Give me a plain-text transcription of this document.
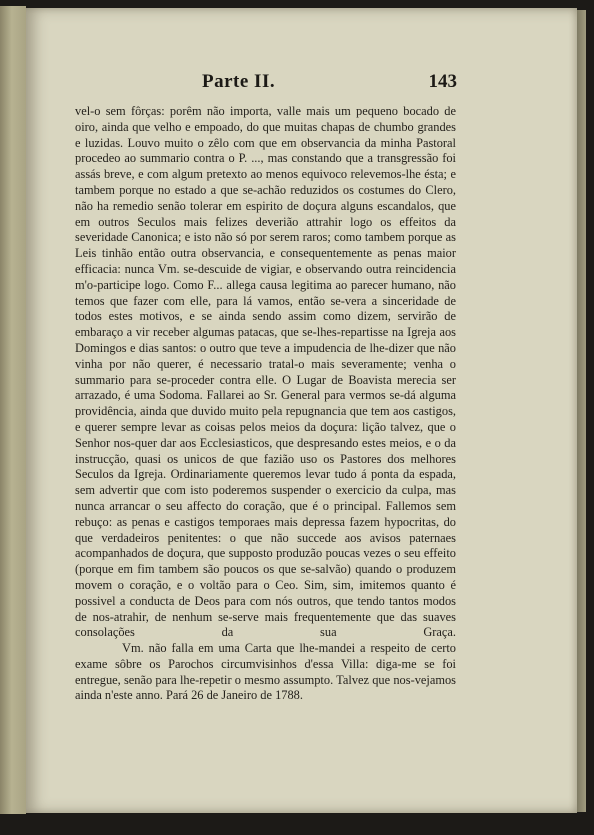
Parte II.	143

vel-o sem fôrças: porêm não importa, valle mais um pequeno bocado de oiro, ainda que velho e empoado, do que muitas chapas de chumbo grandes e luzidas. Louvo muito o zêlo com que em observancia da minha Pastoral procedeo ao summario contra o P. ..., mas constando que a transgressão foi assás breve, e com algum pretexto ao menos equivoco relevemos-lhe ésta; e tambem porque no estado a que se-achão reduzidos os costumes do Clero, não ha remedio senão tolerar em espirito de doçura alguns escandalos, que em outros Seculos mais felizes deverião attrahir logo os effeitos da severidade Canonica; e isto não só por serem raros; como tambem porque as Leis tinhão então outra observancia, e consequentemente as penas maior efficacia: nunca Vm. se-descuide de vigiar, e observando outra reincidencia m'o-participe logo. Como F... allega causa legitima ao parecer humano, não temos que fazer com elle, para lá vamos, então se-vera a sinceridade de todos estes motivos, e se ainda sendo assim como dizem, servirão de embaraço a vir receber algumas patacas, que se-lhes-repartisse na Igreja aos Domingos e dias santos: o outro que teve a impudencia de lhe-dizer que não vinha por não querer, é necessario tratal-o mais severamente; venha o summario para se-proceder contra elle. O Lugar de Boavista merecia ser arrazado, é uma Sodoma. Fallarei ao Sr. General para vermos se-dá alguma providência, ainda que duvido muito pela repugnancia que tem aos castigos, e querer sempre levar as coisas pelos meios da doçura: lição talvez, que o Senhor nos-quer dar aos Ecclesiasticos, que despresando estes meios, e o da instrucção, quasi os unicos de que fazião uso os Pastores dos melhores Seculos da Igreja. Ordinariamente queremos levar tudo á ponta da espada, sem advertir que com isto poderemos suspender o exercicio da culpa, mas nunca arrancar o seu affecto do coração, que é o principal. Fallemos sem rebuço: as penas e castigos temporaes mais depressa fazem hypocritas, do que verdadeiros penitentes: o que não succede aos avisos paternaes acompanhados de doçura, que supposto produzão poucas vezes o seu effeito (porque em fim tambem são poucos os que se-salvão) quando o produzem movem o coração, e o voltão para o Ceo. Sim, sim, imitemos quanto é possivel a conducta de Deos para com nós outros, que tendo tantos modos de nos-atrahir, de nenhum se-serve mais frequentemente que das suaves consolações da sua Graça.

Vm. não falla em uma Carta que lhe-mandei a respeito de certo exame sôbre os Parochos circumvisinhos d'essa Villa: diga-me se foi entregue, senão para lhe-repetir o mesmo assumpto. Talvez que nos-vejamos ainda n'este anno. Pará 26 de Janeiro de 1788.
